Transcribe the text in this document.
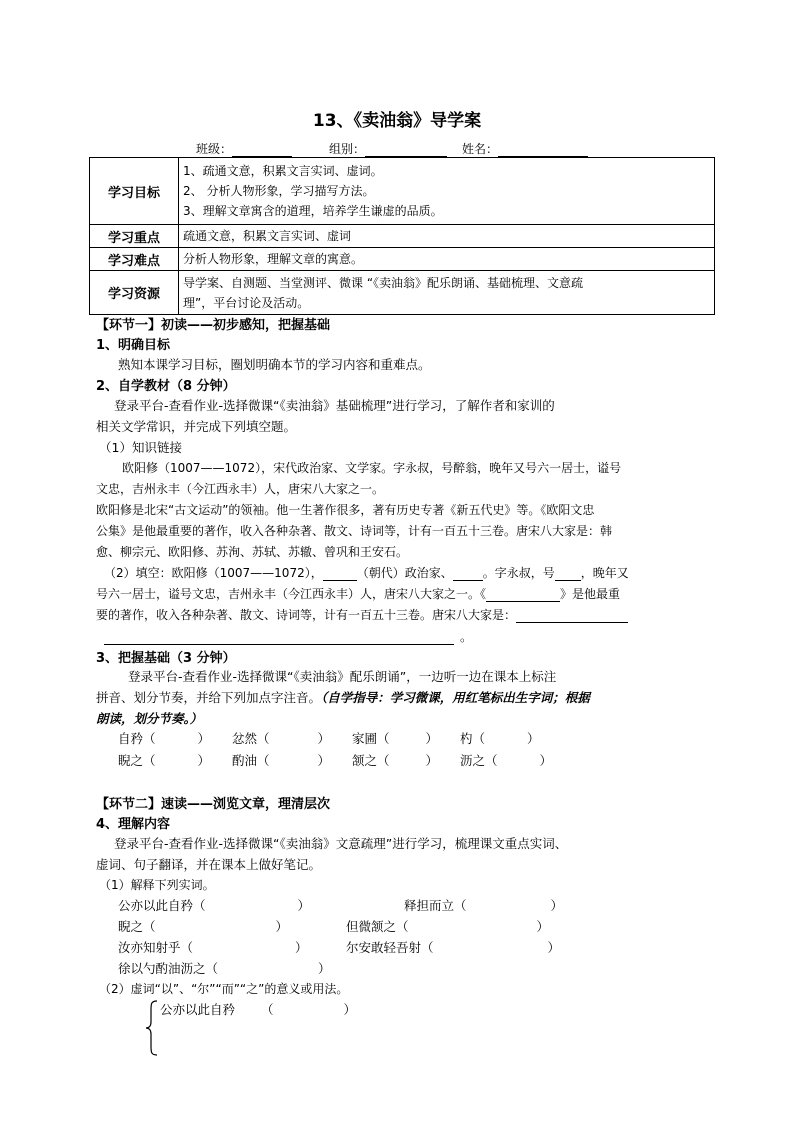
13、《卖油翁》导学案
班级：	组别：	姓名：
学习目标	1、疏通文意，积累文言实词、虚词。
2、 分析人物形象，学习描写方法。
3、理解文章寓含的道理，培养学生谦虚的品质。

学习重点	疏通文意，积累文言实词、虚词
学习难点	分析人物形象，理解文章的寓意。
学习资源	导学案、自测题、当堂测评、微课 “《卖油翁》配乐朗诵、基础梳理、文意疏
理”，平台讨论及活动。
【环节一】初读——初步感知，把握基础
1、明确目标
熟知本课学习目标，圈划明确本节的学习内容和重难点。
2、自学教材（8 分钟）
登录平台-查看作业-选择微课“《卖油翁》基础梳理”进行学习，了解作者和家训的
相关文学常识，并完成下列填空题。
（1）知识链接
欧阳修（1007——1072），宋代政治家、文学家。字永叔，号醉翁，晚年又号六一居士，谥号
文忠，吉州永丰（今江西永丰）人，唐宋八大家之一。
欧阳修是北宋“古文运动”的领袖。他一生著作很多，著有历史专著《新五代史》等。《欧阳文忠
公集》是他最重要的著作，收入各种杂著、散文、诗词等，计有一百五十三卷。唐宋八大家是：韩
愈、柳宗元、欧阳修、苏洵、苏轼、苏辙、曾巩和王安石。
（2）填空：欧阳修（1007——1072），	（朝代）政治家、	。字永叔，号 ，晚年又
号六一居士，谥号文忠，吉州永丰（今江西永丰）人，唐宋八大家之一。《	》是他最重
要的著作，收入各种杂著、散文、诗词等，计有一百五十三卷。唐宋八大家是：
。
3、把握基础（3 分钟）
登录平台-查看作业-选择微课“《卖油翁》配乐朗诵”，一边听一边在课本上标注
拼音、划分节奏，并给下列加点字注音。（自学指导：学习微课，用红笔标出生字词；根据
朗读，划分节奏。）
自矜（	） 忿然（	） 家圃（	） 杓（	）
睨之（	） 酌油（	） 颔之（	） 沥之（	）
【环节二】速读——浏览文章，理清层次
4、理解内容
登录平台-查看作业-选择微课“《卖油翁》文意疏理”进行学习，梳理课文重点实词、
虚词、句子翻译，并在课本上做好笔记。
（1）解释下列实词。
公亦以此自矜（	）	释担而立（	）
睨之（	）	但微颔之（	）
汝亦知射乎（	）	尔安敢轻吾射（	）
徐以勺酌油沥之（	）
（2）虚词“以”、“尔”“而”“之”的意义或用法。
公亦以此自矜 （	）
